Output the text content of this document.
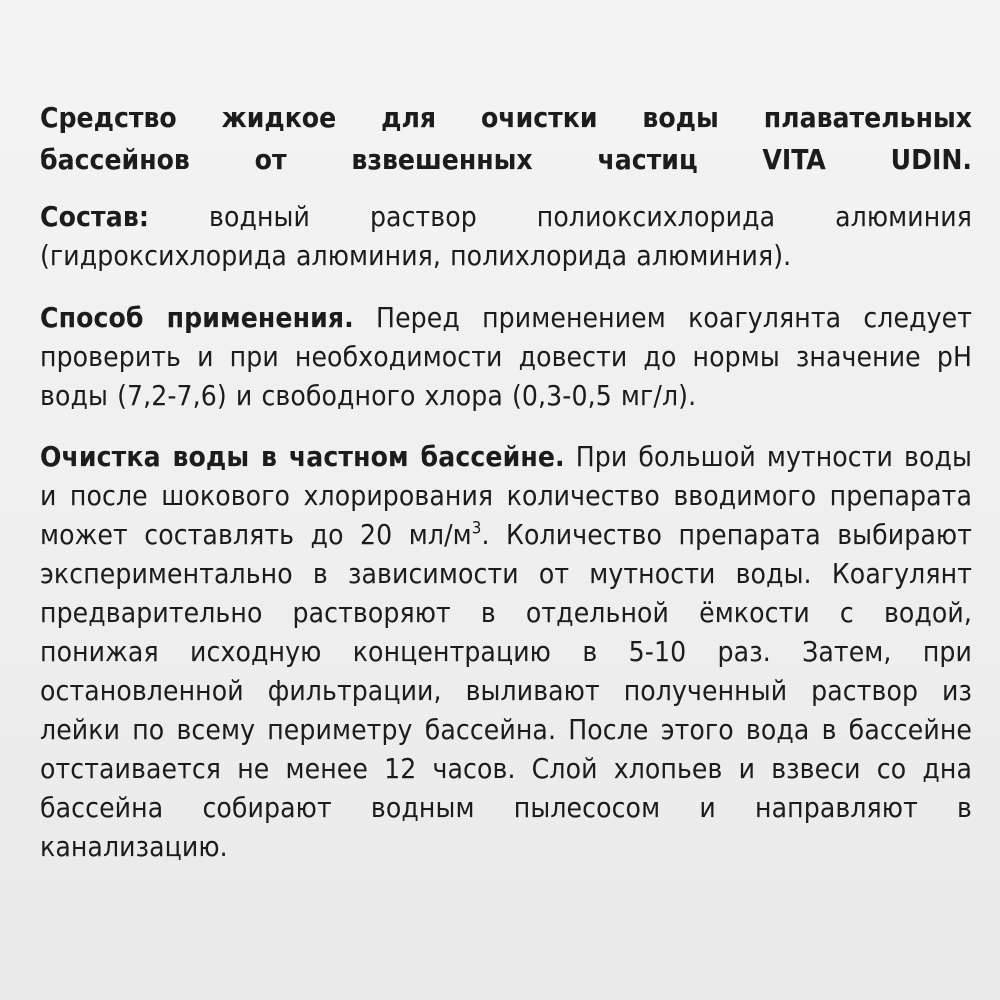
Средство жидкое для очистки воды плавательных бассейнов от взвешенных частиц VITA UDIN.
Состав: водный раствор полиоксихлорида алюминия (гидроксихлорида алюминия, полихлорида алюминия).
Способ применения. Перед применением коагулянта следует проверить и при необходимости довести до нормы значение pH воды (7,2-7,6) и свободного хлора (0,3-0,5 мг/л).
Очистка воды в частном бассейне. При большой мутности воды и после шокового хлорирования количество вводимого препарата может составлять до 20 $мл/м^3$. Количество препарата выбирают экспериментально в зависимости от мутности воды. Коагулянт предварительно растворяют в отдельной ёмкости с водой, понижая исходную концентрацию в 5-10 раз. Затем, при остановленной фильтрации, выливают полученный раствор из лейки по всему периметру бассейна. После этого вода в бассейне отстаивается не менее 12 часов. Слой хлопьев и взвеси со дна бассейна собирают водным пылесосом и направляют в канализацию.
